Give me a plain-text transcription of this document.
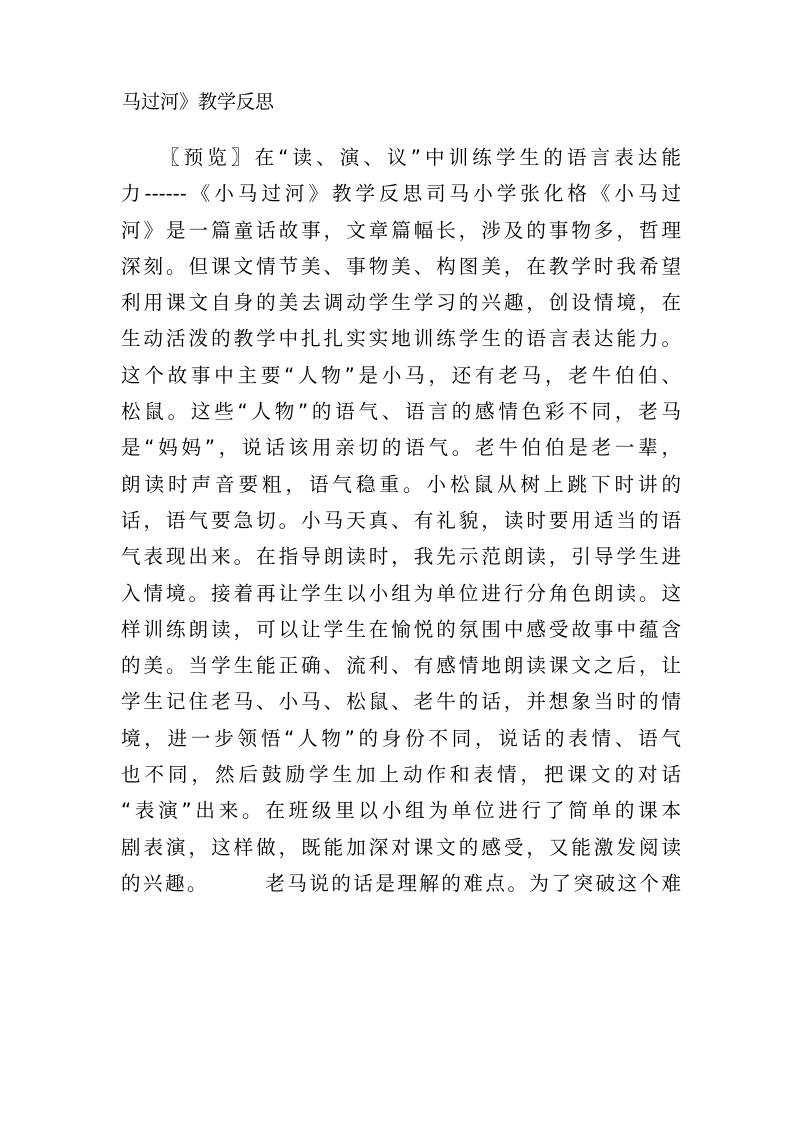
马过河》教学反思
〖预览〗在“读、演、议”中训练学生的语言表达能
力------《小马过河》教学反思司马小学张化格《小马过
河》是一篇童话故事，文章篇幅长，涉及的事物多，哲理
深刻。但课文情节美、事物美、构图美，在教学时我希望
利用课文自身的美去调动学生学习的兴趣，创设情境，在
生动活泼的教学中扎扎实实地训练学生的语言表达能力。
这个故事中主要“人物”是小马，还有老马，老牛伯伯、
松鼠。这些“人物”的语气、语言的感情色彩不同，老马
是“妈妈”，说话该用亲切的语气。老牛伯伯是老一辈，
朗读时声音要粗，语气稳重。小松鼠从树上跳下时讲的
话，语气要急切。小马天真、有礼貌，读时要用适当的语
气表现出来。在指导朗读时，我先示范朗读，引导学生进
入情境。接着再让学生以小组为单位进行分角色朗读。这
样训练朗读，可以让学生在愉悦的氛围中感受故事中蕴含
的美。当学生能正确、流利、有感情地朗读课文之后，让
学生记住老马、小马、松鼠、老牛的话，并想象当时的情
境，进一步领悟“人物”的身份不同，说话的表情、语气
也不同，然后鼓励学生加上动作和表情，把课文的对话
“表演”出来。在班级里以小组为单位进行了简单的课本
剧表演，这样做，既能加深对课文的感受，又能激发阅读
的兴趣。　　　老马说的话是理解的难点。为了突破这个难
